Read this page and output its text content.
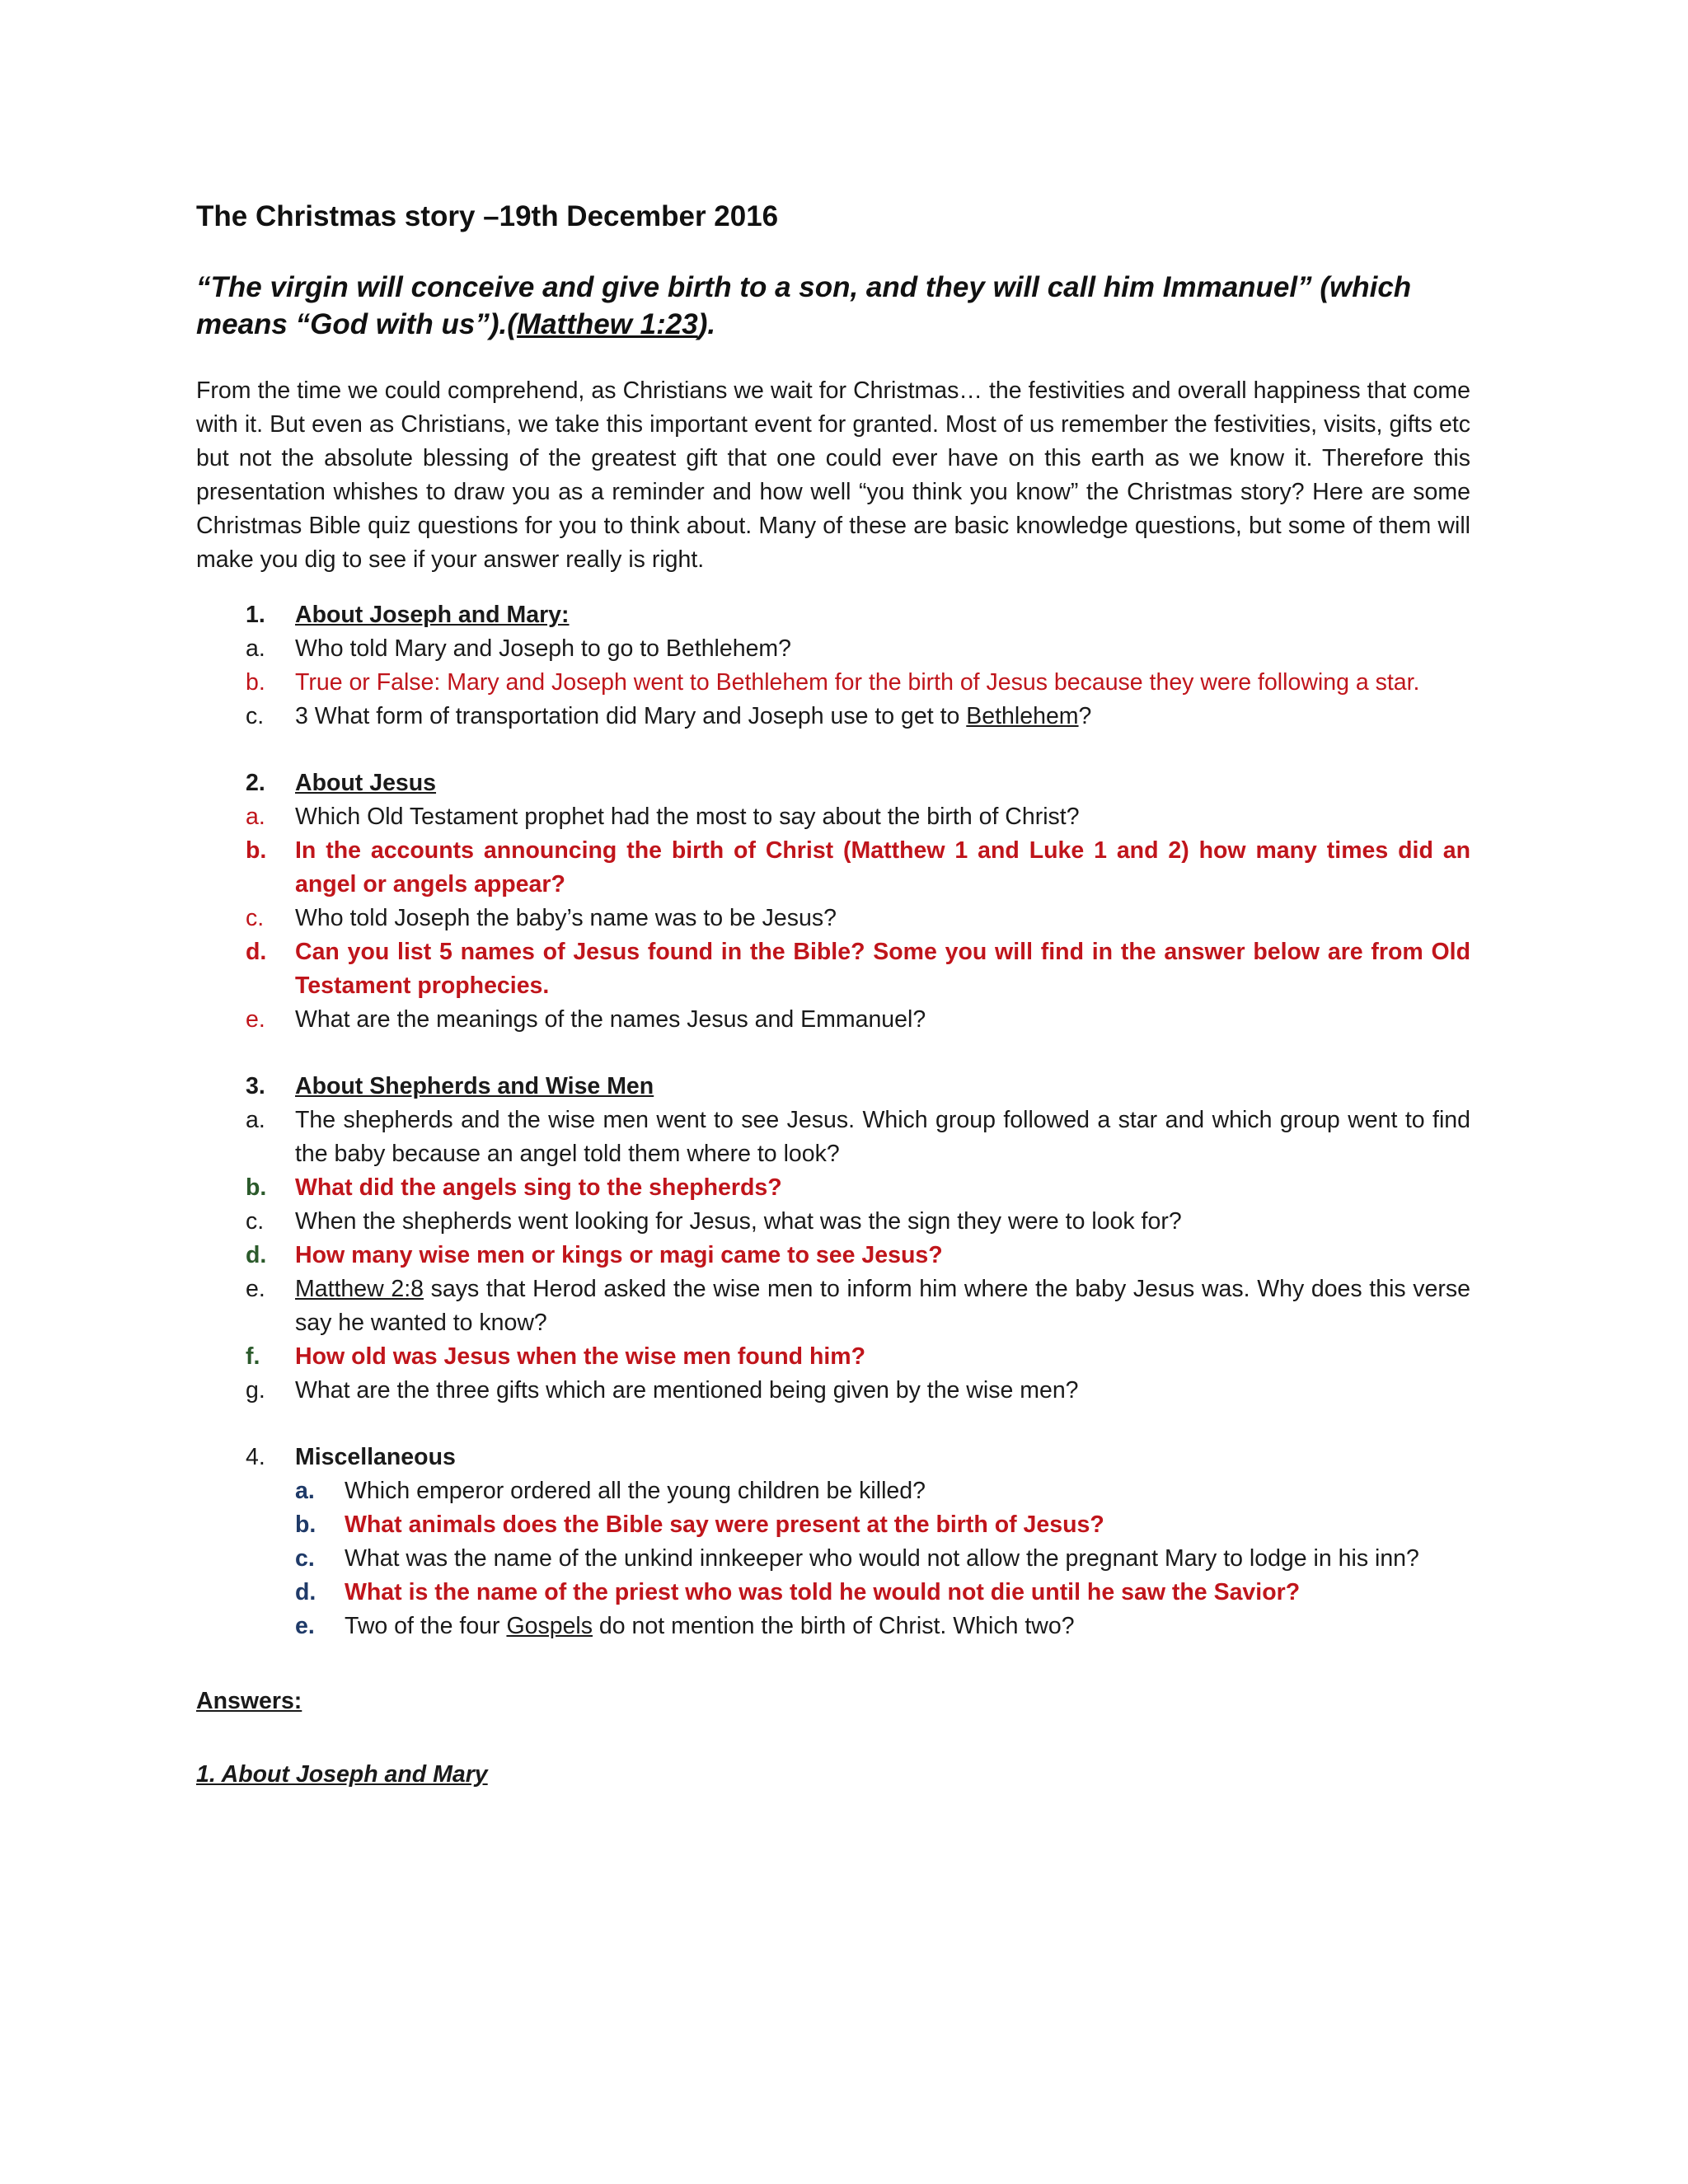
The Christmas story –19th December 2016
“The virgin will conceive and give birth to a son, and they will call him Immanuel” (which means “God with us”).(Matthew 1:23).
From the time we could comprehend, as Christians we wait for Christmas… the festivities and overall happiness that come with it. But even as Christians, we take this important event for granted. Most of us remember the festivities, visits, gifts etc but not the absolute blessing of the greatest gift that one could ever have on this earth as we know it. Therefore this presentation whishes to draw you as a reminder and how well “you think you know” the Christmas story? Here are some Christmas Bible quiz questions for you to think about. Many of these are basic knowledge questions, but some of them will make you dig to see if your answer really is right.
1.	About Joseph and Mary:
a.	Who told Mary and Joseph to go to Bethlehem?
b.	True or False: Mary and Joseph went to Bethlehem for the birth of Jesus because they were following a star.
c.	3 What form of transportation did Mary and Joseph use to get to Bethlehem?
2.	About Jesus
a.	Which Old Testament prophet had the most to say about the birth of Christ?
b.	In the accounts announcing the birth of Christ (Matthew 1 and Luke 1 and 2) how many times did an angel or angels appear?
c.	Who told Joseph the baby’s name was to be Jesus?
d.	Can you list 5 names of Jesus found in the Bible? Some you will find in the answer below are from Old Testament prophecies.
e.	What are the meanings of the names Jesus and Emmanuel?
3.	About Shepherds and Wise Men
a.	The shepherds and the wise men went to see Jesus. Which group followed a star and which group went to find the baby because an angel told them where to look?
b.	What did the angels sing to the shepherds?
c.	When the shepherds went looking for Jesus, what was the sign they were to look for?
d.	How many wise men or kings or magi came to see Jesus?
e.	Matthew 2:8 says that Herod asked the wise men to inform him where the baby Jesus was. Why does this verse say he wanted to know?
f.	How old was Jesus when the wise men found him?
g.	What are the three gifts which are mentioned being given by the wise men?
4.	Miscellaneous
a.	Which emperor ordered all the young children be killed?
b.	What animals does the Bible say were present at the birth of Jesus?
c.	What was the name of the unkind innkeeper who would not allow the pregnant Mary to lodge in his inn?
d.	What is the name of the priest who was told he would not die until he saw the Savior?
e.	Two of the four Gospels do not mention the birth of Christ. Which two?
Answers:
1. About Joseph and Mary
